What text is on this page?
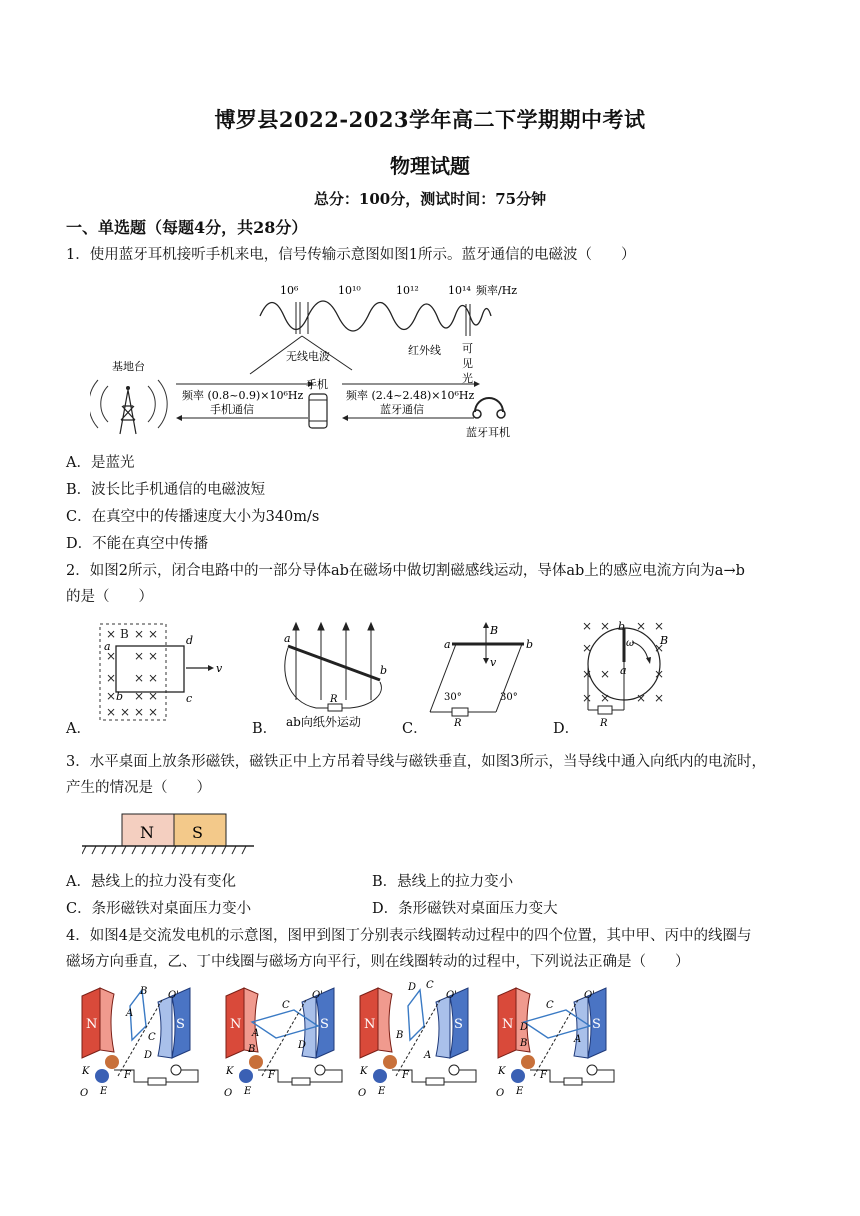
博罗县2022-2023学年高二下学期期中考试
物理试题
总分：100分，测试时间：75分钟
一、单选题（每题4分，共28分）
1．使用蓝牙耳机接听手机来电，信号传输示意图如图1所示。蓝牙通信的电磁波（　　）
10⁶	10¹⁰	10¹²	10¹⁴ 频率/Hz
无线电波	红外线 可
见
光
基地台
频率 (0.8~0.9)×10⁶Hz
手机通信
手机
频率 (2.4~2.48)×10⁶Hz
蓝牙通信
蓝牙耳机
A．是蓝光
B．波长比手机通信的电磁波短
C．在真空中的传播速度大小为340m/s
D．不能在真空中传播
2．如图2所示，闭合电路中的一部分导体ab在磁场中做切割磁感线运动，导体ab上的感应电流方向为a→b
的是（　　）
× × ×
B
× × ×
× × ×
× × ×
× × × ×
a
b
d
c
v
A．
a
b
R
ab向纸外运动
B．
B
a	b
v
R
30°	30°
C．
× × × ×
×	×
× ×	×
× × × ×
b
a
ω B
R
D．
3．水平桌面上放条形磁铁，磁铁正中上方吊着导线与磁铁垂直，如图3所示，当导线中通入向纸内的电流时，
产生的情况是（　　）
N S
A．悬线上的拉力没有变化	B．悬线上的拉力变小
C．条形磁铁对桌面压力变小	D．条形磁铁对桌面压力变大
4．如图4是交流发电机的示意图，图甲到图丁分别表示线圈转动过程中的四个位置，其中甲、丙中的线圈与
磁场方向垂直，乙、丁中线圈与磁场方向平行，则在线圈转动的过程中，下列说法正确是（　　）
N	S
B O'
A
C
D
K	F
O E
N	S
O'
C
A
B	D
K	F
O E
N	S
D C
O'
B
A
K	F
O E
N	S
O'
C
D
B	A
K	F
O E
